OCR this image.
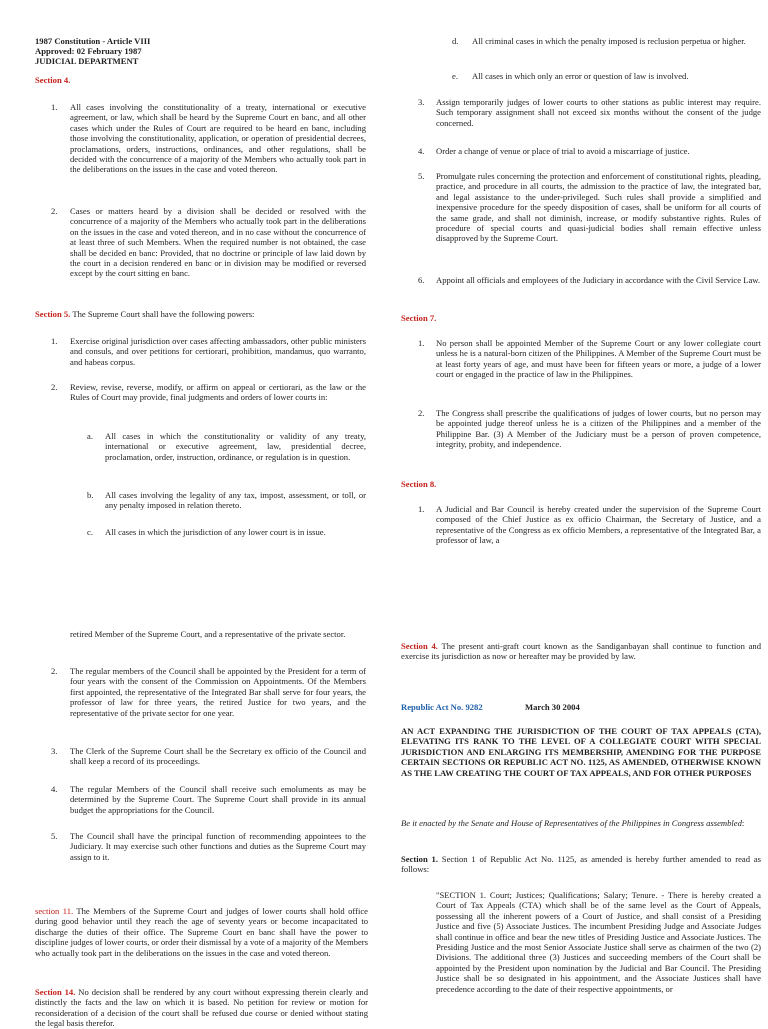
1987 Constitution - Article VIII
Approved: 02 February 1987
JUDICIAL DEPARTMENT
Section 4.
1. All cases involving the constitutionality of a treaty, international or executive agreement, or law, which shall be heard by the Supreme Court en banc, and all other cases which under the Rules of Court are required to be heard en banc, including those involving the constitutionality, application, or operation of presidential decrees, proclamations, orders, instructions, ordinances, and other regulations, shall be decided with the concurrence of a majority of the Members who actually took part in the deliberations on the issues in the case and voted thereon.
2. Cases or matters heard by a division shall be decided or resolved with the concurrence of a majority of the Members who actually took part in the deliberations on the issues in the case and voted thereon, and in no case without the concurrence of at least three of such Members. When the required number is not obtained, the case shall be decided en banc: Provided, that no doctrine or principle of law laid down by the court in a decision rendered en banc or in division may be modified or reversed except by the court sitting en banc.
Section 5. The Supreme Court shall have the following powers:
1. Exercise original jurisdiction over cases affecting ambassadors, other public ministers and consuls, and over petitions for certiorari, prohibition, mandamus, quo warranto, and habeas corpus.
2. Review, revise, reverse, modify, or affirm on appeal or certiorari, as the law or the Rules of Court may provide, final judgments and orders of lower courts in:
a. All cases in which the constitutionality or validity of any treaty, international or executive agreement, law, presidential decree, proclamation, order, instruction, ordinance, or regulation is in question.
b. All cases involving the legality of any tax, impost, assessment, or toll, or any penalty imposed in relation thereto.
c. All cases in which the jurisdiction of any lower court is in issue.
retired Member of the Supreme Court, and a representative of the private sector.
2. The regular members of the Council shall be appointed by the President for a term of four years with the consent of the Commission on Appointments. Of the Members first appointed, the representative of the Integrated Bar shall serve for four years, the professor of law for three years, the retired Justice for two years, and the representative of the private sector for one year.
3. The Clerk of the Supreme Court shall be the Secretary ex officio of the Council and shall keep a record of its proceedings.
4. The regular Members of the Council shall receive such emoluments as may be determined by the Supreme Court. The Supreme Court shall provide in its annual budget the appropriations for the Council.
5. The Council shall have the principal function of recommending appointees to the Judiciary. It may exercise such other functions and duties as the Supreme Court may assign to it.
section 11. The Members of the Supreme Court and judges of lower courts shall hold office during good behavior until they reach the age of seventy years or become incapacitated to discharge the duties of their office. The Supreme Court en banc shall have the power to discipline judges of lower courts, or order their dismissal by a vote of a majority of the Members who actually took part in the deliberations on the issues in the case and voted thereon.
Section 14. No decision shall be rendered by any court without expressing therein clearly and distinctly the facts and the law on which it is based. No petition for review or motion for reconsideration of a decision of the court shall be refused due course or denied without stating the legal basis therefor.
d. All criminal cases in which the penalty imposed is reclusion perpetua or higher.
e. All cases in which only an error or question of law is involved.
3. Assign temporarily judges of lower courts to other stations as public interest may require. Such temporary assignment shall not exceed six months without the consent of the judge concerned.
4. Order a change of venue or place of trial to avoid a miscarriage of justice.
5. Promulgate rules concerning the protection and enforcement of constitutional rights, pleading, practice, and procedure in all courts, the admission to the practice of law, the integrated bar, and legal assistance to the under-privileged. Such rules shall provide a simplified and inexpensive procedure for the speedy disposition of cases, shall be uniform for all courts of the same grade, and shall not diminish, increase, or modify substantive rights. Rules of procedure of special courts and quasi-judicial bodies shall remain effective unless disapproved by the Supreme Court.
6. Appoint all officials and employees of the Judiciary in accordance with the Civil Service Law.
Section 7.
1. No person shall be appointed Member of the Supreme Court or any lower collegiate court unless he is a natural-born citizen of the Philippines. A Member of the Supreme Court must be at least forty years of age, and must have been for fifteen years or more, a judge of a lower court or engaged in the practice of law in the Philippines.
2. The Congress shall prescribe the qualifications of judges of lower courts, but no person may be appointed judge thereof unless he is a citizen of the Philippines and a member of the Philippine Bar. (3) A Member of the Judiciary must be a person of proven competence, integrity, probity, and independence.
Section 8.
1. A Judicial and Bar Council is hereby created under the supervision of the Supreme Court composed of the Chief Justice as ex officio Chairman, the Secretary of Justice, and a representative of the Congress as ex officio Members, a representative of the Integrated Bar, a professor of law, a
Section 4. The present anti-graft court known as the Sandiganbayan shall continue to function and exercise its jurisdiction as now or hereafter may be provided by law.
Republic Act No. 9282	March 30 2004
AN ACT EXPANDING THE JURISDICTION OF THE COURT OF TAX APPEALS (CTA), ELEVATING ITS RANK TO THE LEVEL OF A COLLEGIATE COURT WITH SPECIAL JURISDICTION AND ENLARGING ITS MEMBERSHIP, AMENDING FOR THE PURPOSE CERTAIN SECTIONS OR REPUBLIC ACT NO. 1125, AS AMENDED, OTHERWISE KNOWN AS THE LAW CREATING THE COURT OF TAX APPEALS, AND FOR OTHER PURPOSES
Be it enacted by the Senate and House of Representatives of the Philippines in Congress assembled:
Section 1. Section 1 of Republic Act No. 1125, as amended is hereby further amended to read as follows:
"SECTION 1. Court; Justices; Qualifications; Salary; Tenure. - There is hereby created a Court of Tax Appeals (CTA) which shall be of the same level as the Court of Appeals, possessing all the inherent powers of a Court of Justice, and shall consist of a Presiding Justice and five (5) Associate Justices. The incumbent Presiding Judge and Associate Judges shall continue in office and bear the new titles of Presiding Justice and Associate Justices. The Presiding Justice and the most Senior Associate Justice shall serve as chairmen of the two (2) Divisions. The additional three (3) Justices and succeeding members of the Court shall be appointed by the President upon nomination by the Judicial and Bar Council. The Presiding Justice shall be so designated in his appointment, and the Associate Justices shall have precedence according to the date of their respective appointments, or
